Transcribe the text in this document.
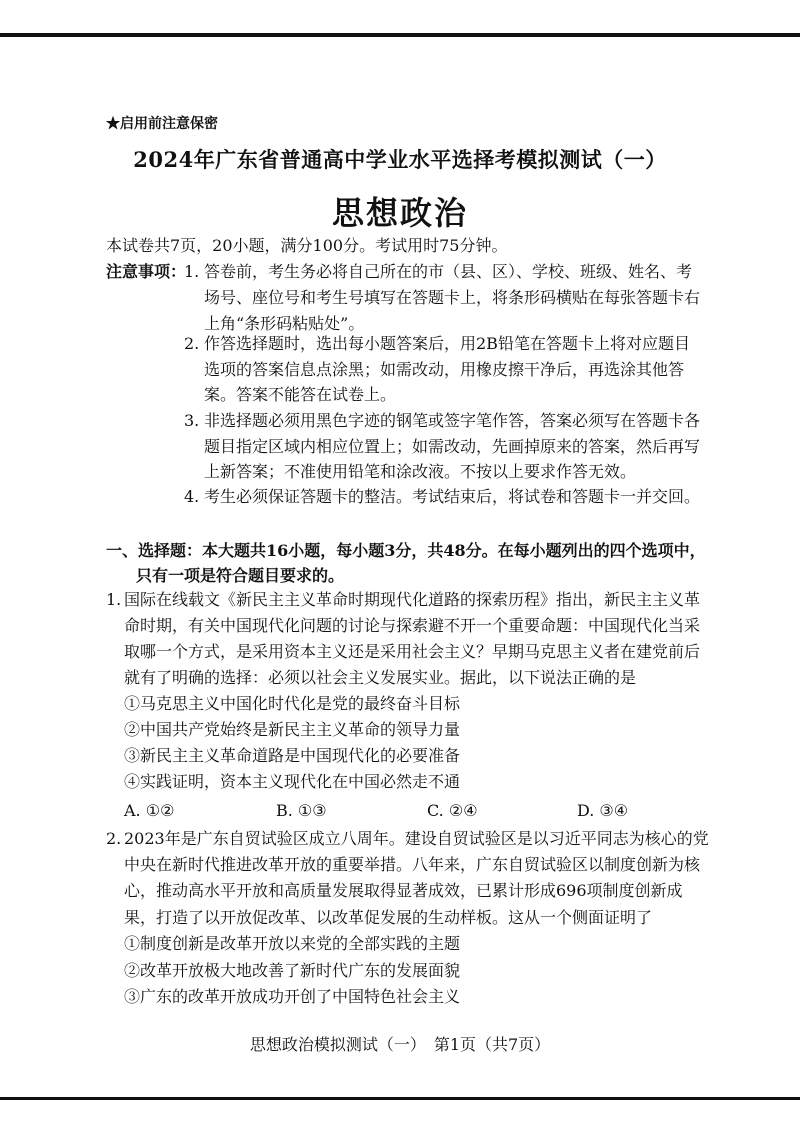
★启用前注意保密
2024年广东省普通高中学业水平选择考模拟测试（一）
思想政治
本试卷共7页，20小题，满分100分。考试用时75分钟。
注意事项：
1. 答卷前，考生务必将自己所在的市（县、区）、学校、班级、姓名、考
场号、座位号和考生号填写在答题卡上，将条形码横贴在每张答题卡右
上角“条形码粘贴处”。
2. 作答选择题时，选出每小题答案后，用2B铅笔在答题卡上将对应题目
选项的答案信息点涂黑；如需改动，用橡皮擦干净后，再选涂其他答
案。答案不能答在试卷上。
3. 非选择题必须用黑色字迹的钢笔或签字笔作答，答案必须写在答题卡各
题目指定区域内相应位置上；如需改动，先画掉原来的答案，然后再写
上新答案；不准使用铅笔和涂改液。不按以上要求作答无效。
4. 考生必须保证答题卡的整洁。考试结束后，将试卷和答题卡一并交回。
一、选择题：本大题共16小题，每小题3分，共48分。在每小题列出的四个选项中，
只有一项是符合题目要求的。
1. 国际在线载文《新民主主义革命时期现代化道路的探索历程》指出，新民主主义革
命时期，有关中国现代化问题的讨论与探索避不开一个重要命题：中国现代化当采
取哪一个方式，是采用资本主义还是采用社会主义？早期马克思主义者在建党前后
就有了明确的选择：必须以社会主义发展实业。据此，以下说法正确的是
①马克思主义中国化时代化是党的最终奋斗目标
②中国共产党始终是新民主主义革命的领导力量
③新民主主义革命道路是中国现代化的必要准备
④实践证明，资本主义现代化在中国必然走不通
A. ①②	B. ①③	C. ②④	D. ③④
2. 2023年是广东自贸试验区成立八周年。建设自贸试验区是以习近平同志为核心的党
中央在新时代推进改革开放的重要举措。八年来，广东自贸试验区以制度创新为核
心，推动高水平开放和高质量发展取得显著成效，已累计形成696项制度创新成
果，打造了以开放促改革、以改革促发展的生动样板。这从一个侧面证明了
①制度创新是改革开放以来党的全部实践的主题
②改革开放极大地改善了新时代广东的发展面貌
③广东的改革开放成功开创了中国特色社会主义
思想政治模拟测试（一）　第1页（共7页）
